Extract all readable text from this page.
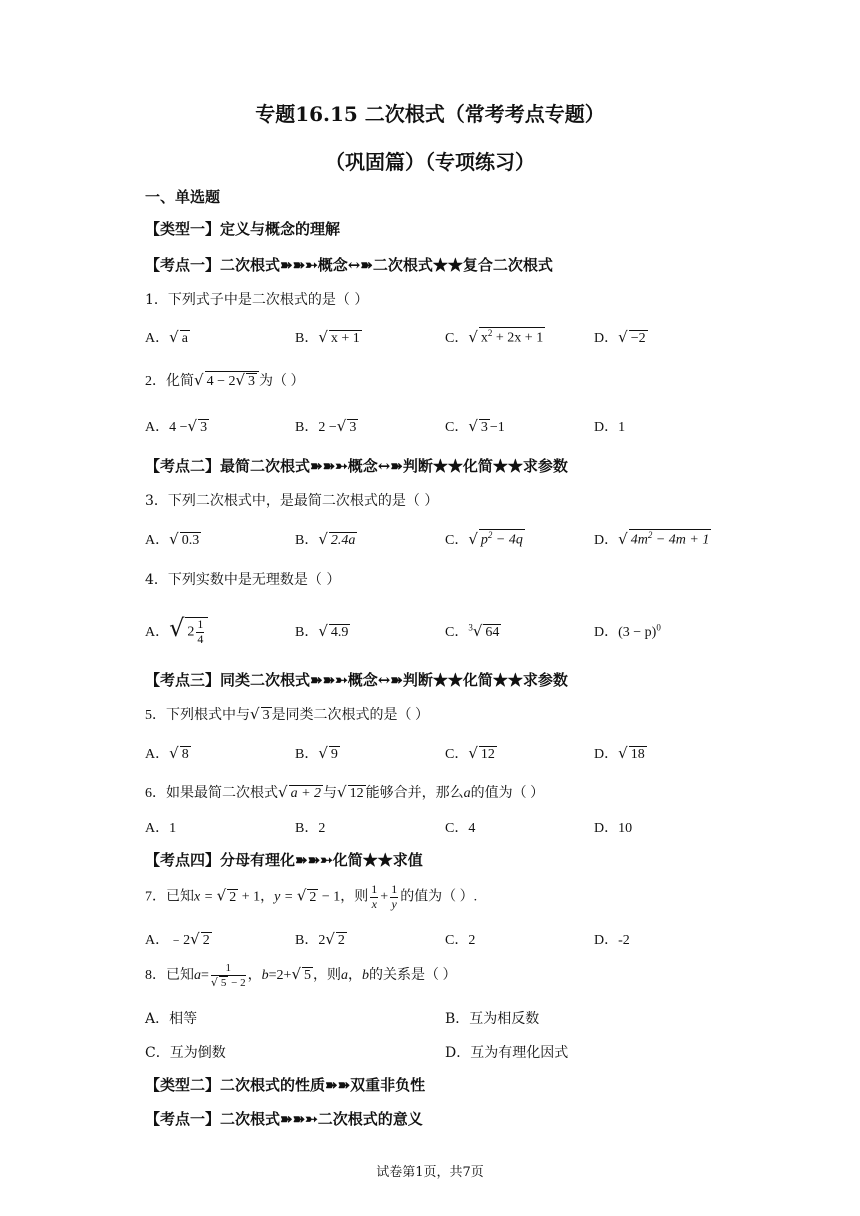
专题16.15 二次根式（常考考点专题）
（巩固篇）（专项练习）
一、单选题
【类型一】定义与概念的理解
【考点一】二次根式➽➽➳概念↔➽二次根式★★复合二次根式
1．下列式子中是二次根式的是（ ）
A．√ a	B．√ x + 1	C．√ $x^2 + 2x + 1$	D．√ −2
2．化简√ 4 − 2√ 3 为（ ）
A．4 −√ 3	B．2 −√ 3	C．√ 3 −1	D．1
【考点二】最简二次根式➽➽➳概念↔➽判断★★化简★★求参数
3．下列二次根式中，是最简二次根式的是（ ）
A．√ 0.3	B．√ 2.4a	C．√ $p^2 - 4q$	D．√ $4m^2 - 4m + 1$
4．下列实数中是无理数是（ ）
A．√ $2 \frac{1}{4}$	B．√ 4.9	C．$^3$√ 64	D．$(3 - p)^0$
【考点三】同类二次根式➽➽➳概念↔➽判断★★化简★★求参数
5．下列根式中与√ 3 是同类二次根式的是（ ）
A．√ 8	B．√ 9	C．√ 12	D．√ 18
6．如果最简二次根式√ a + 2 与√ 12 能够合并，那么a的值为（ ）
A．1	B．2	C．4	D．10
【考点四】分母有理化➽➽➳化简★★求值
7．已知x = √ 2 + 1，y = √ 2 − 1，则 $\frac{1}{x} + \frac{1}{y}$ 的值为（ ）.
A．﹣2√ 2	B．2√ 2	C．2	D．-2
8．已知$a= \frac{1}{√ 5 - 2}$ ，b=2+√ 5 ，则a，b的关系是（ ）
A．相等	B．互为相反数
C．互为倒数	D．互为有理化因式
【类型二】二次根式的性质➽➽双重非负性
【考点一】二次根式➽➽➳二次根式的意义
试卷第1页，共7页
